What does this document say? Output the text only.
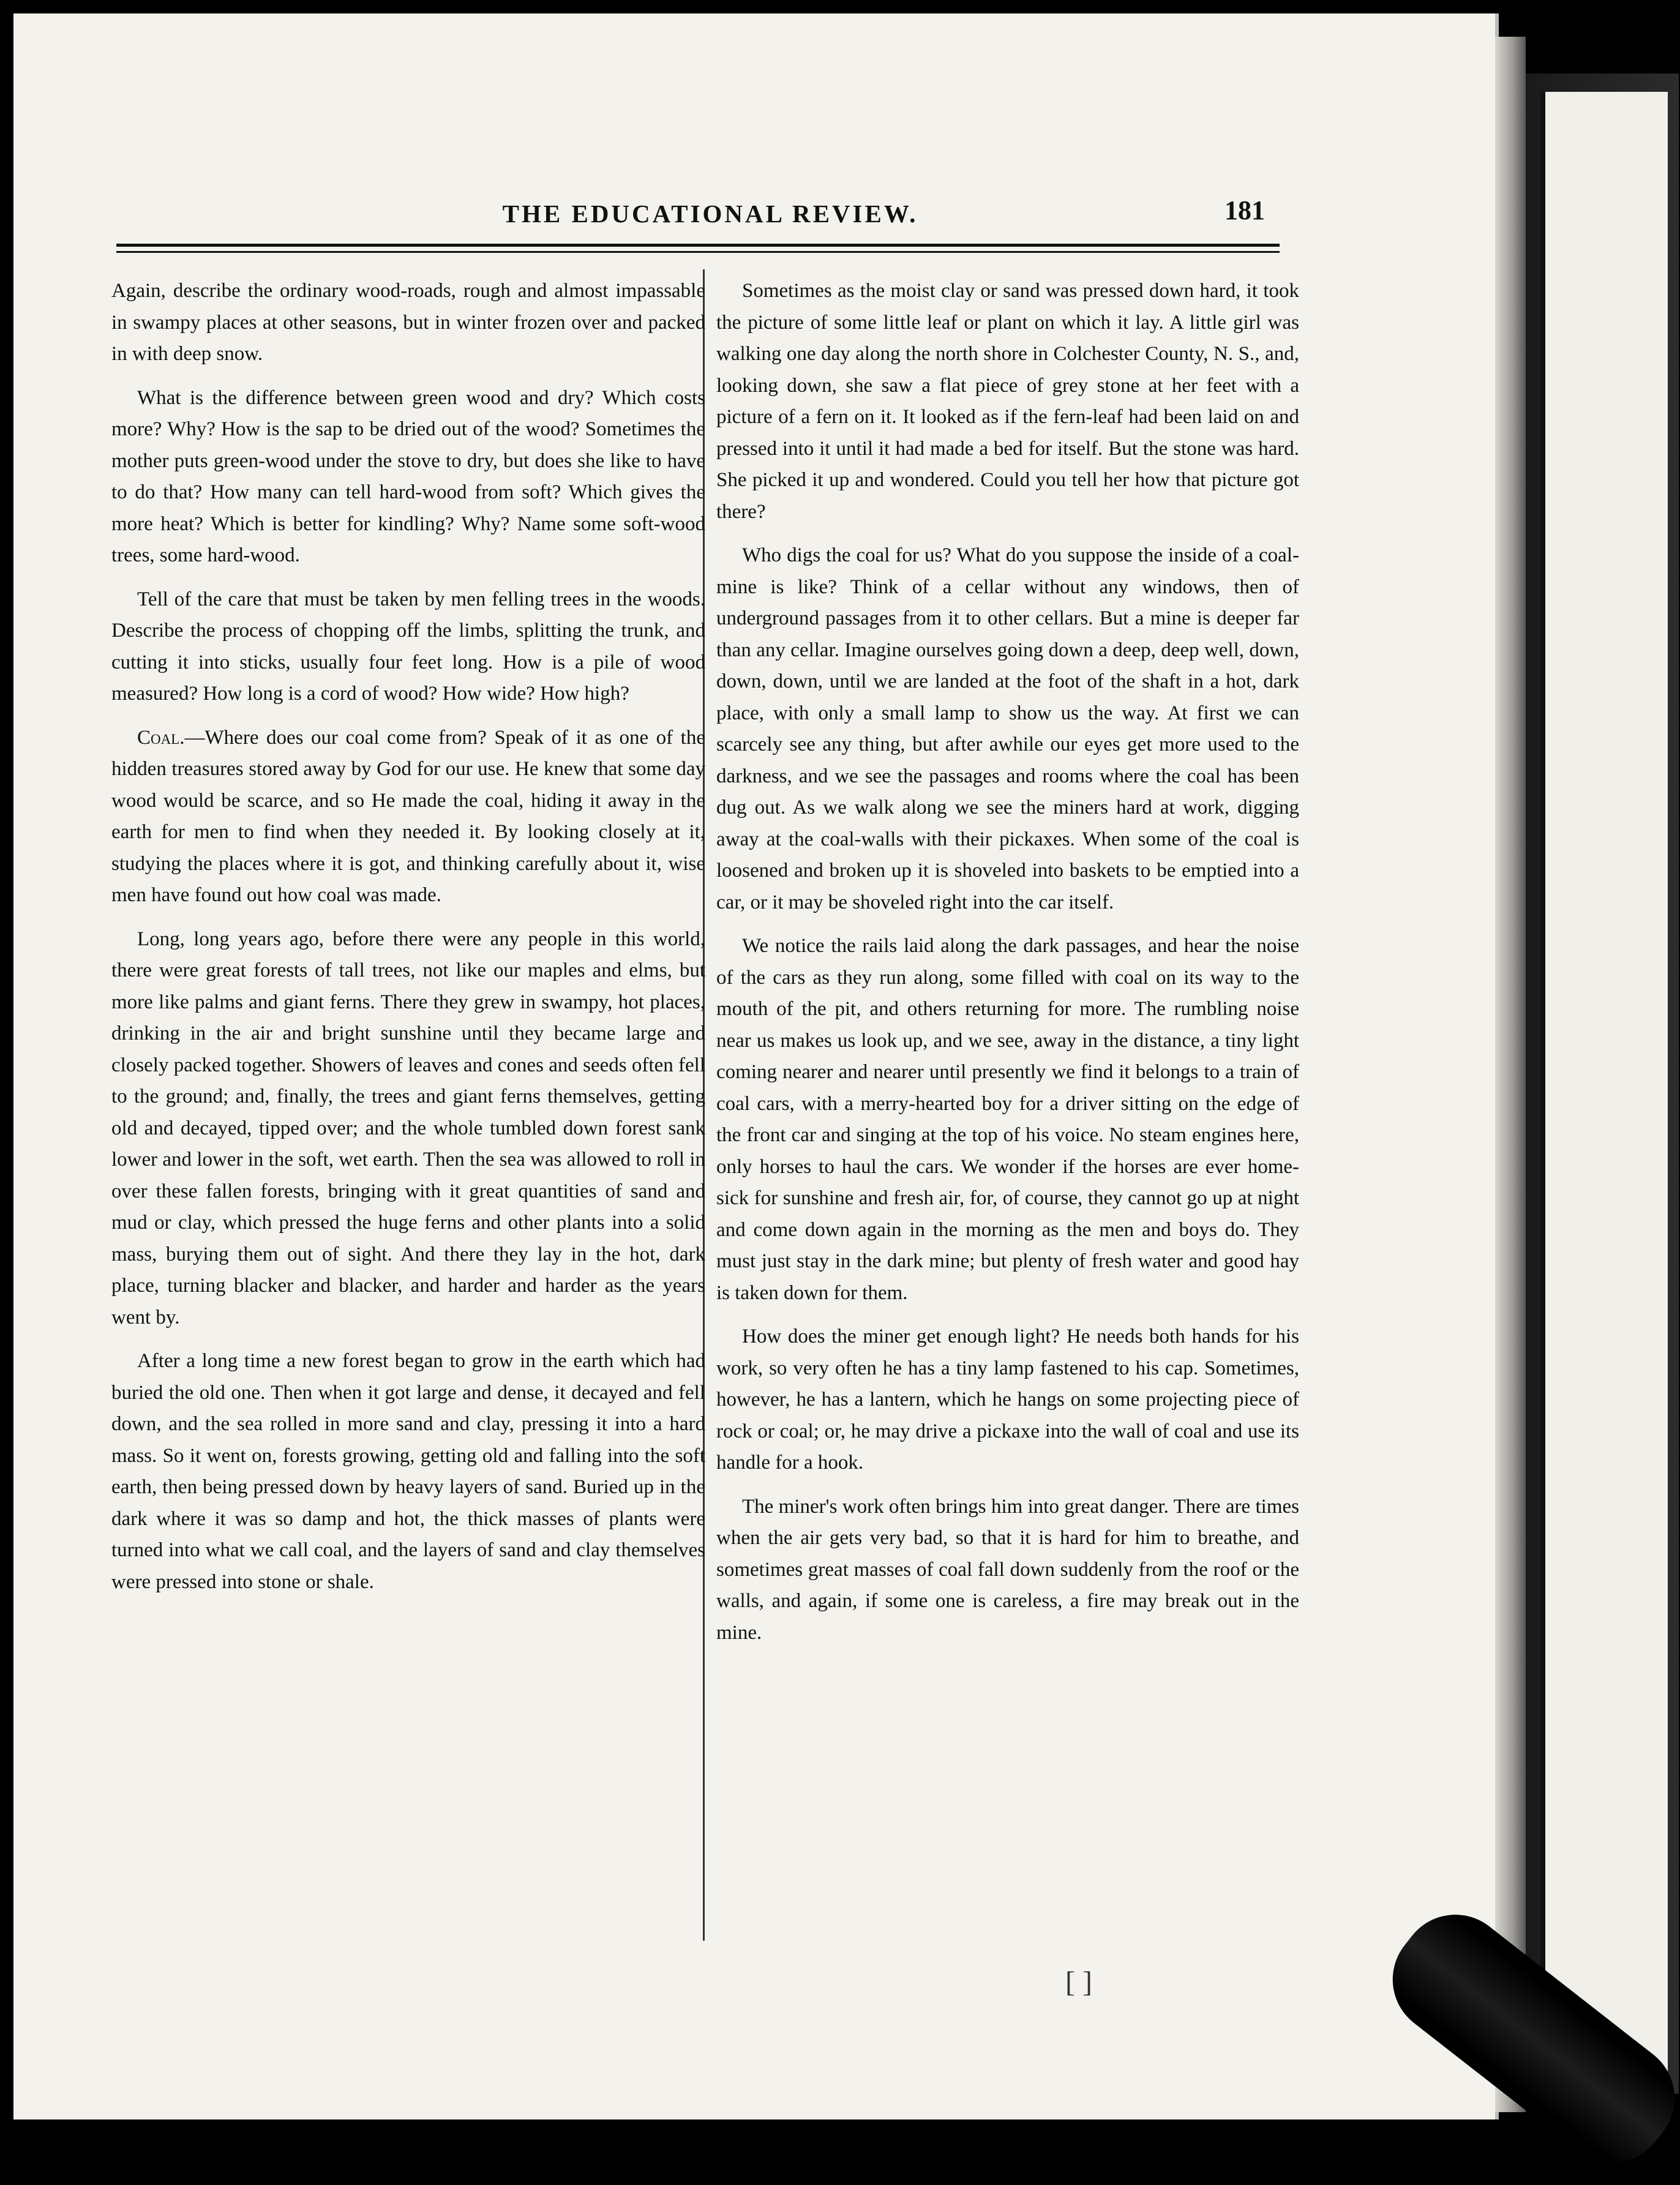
THE EDUCATIONAL REVIEW.	181

Again, describe the ordinary wood-roads, rough and almost impassable in swampy places at other seasons, but in winter frozen over and packed in with deep snow.

What is the difference between green wood and dry? Which costs more? Why? How is the sap to be dried out of the wood? Sometimes the mother puts green-wood under the stove to dry, but does she like to have to do that? How many can tell hard-wood from soft? Which gives the more heat? Which is better for kindling? Why? Name some soft-wood trees, some hard-wood.

Tell of the care that must be taken by men felling trees in the woods. Describe the process of chopping off the limbs, splitting the trunk, and cutting it into sticks, usually four feet long. How is a pile of wood measured? How long is a cord of wood? How wide? How high?

Coal.—Where does our coal come from? Speak of it as one of the hidden treasures stored away by God for our use. He knew that some day wood would be scarce, and so He made the coal, hiding it away in the earth for men to find when they needed it. By looking closely at it, studying the places where it is got, and thinking carefully about it, wise men have found out how coal was made.

Long, long years ago, before there were any people in this world, there were great forests of tall trees, not like our maples and elms, but more like palms and giant ferns. There they grew in swampy, hot places, drinking in the air and bright sunshine until they became large and closely packed together. Showers of leaves and cones and seeds often fell to the ground; and, finally, the trees and giant ferns themselves, getting old and decayed, tipped over; and the whole tumbled down forest sank lower and lower in the soft, wet earth. Then the sea was allowed to roll in over these fallen forests, bringing with it great quantities of sand and mud or clay, which pressed the huge ferns and other plants into a solid mass, burying them out of sight. And there they lay in the hot, dark place, turning blacker and blacker, and harder and harder as the years went by.

After a long time a new forest began to grow in the earth which had buried the old one. Then when it got large and dense, it decayed and fell down, and the sea rolled in more sand and clay, pressing it into a hard mass. So it went on, forests growing, getting old and falling into the soft earth, then being pressed down by heavy layers of sand. Buried up in the dark where it was so damp and hot, the thick masses of plants were turned into what we call coal, and the layers of sand and clay themselves were pressed into stone or shale.

Sometimes as the moist clay or sand was pressed down hard, it took the picture of some little leaf or plant on which it lay. A little girl was walking one day along the north shore in Colchester County, N. S., and, looking down, she saw a flat piece of grey stone at her feet with a picture of a fern on it. It looked as if the fern-leaf had been laid on and pressed into it until it had made a bed for itself. But the stone was hard. She picked it up and wondered. Could you tell her how that picture got there?

Who digs the coal for us? What do you suppose the inside of a coal-mine is like? Think of a cellar without any windows, then of underground passages from it to other cellars. But a mine is deeper far than any cellar. Imagine ourselves going down a deep, deep well, down, down, down, until we are landed at the foot of the shaft in a hot, dark place, with only a small lamp to show us the way. At first we can scarcely see any thing, but after awhile our eyes get more used to the darkness, and we see the passages and rooms where the coal has been dug out. As we walk along we see the miners hard at work, digging away at the coal-walls with their pickaxes. When some of the coal is loosened and broken up it is shoveled into baskets to be emptied into a car, or it may be shoveled right into the car itself.

We notice the rails laid along the dark passages, and hear the noise of the cars as they run along, some filled with coal on its way to the mouth of the pit, and others returning for more. The rumbling noise near us makes us look up, and we see, away in the distance, a tiny light coming nearer and nearer until presently we find it belongs to a train of coal cars, with a merry-hearted boy for a driver sitting on the edge of the front car and singing at the top of his voice. No steam engines here, only horses to haul the cars. We wonder if the horses are ever home-sick for sunshine and fresh air, for, of course, they cannot go up at night and come down again in the morning as the men and boys do. They must just stay in the dark mine; but plenty of fresh water and good hay is taken down for them.

How does the miner get enough light? He needs both hands for his work, so very often he has a tiny lamp fastened to his cap. Sometimes, however, he has a lantern, which he hangs on some projecting piece of rock or coal; or, he may drive a pickaxe into the wall of coal and use its handle for a hook.

The miner's work often brings him into great danger. There are times when the air gets very bad, so that it is hard for him to breathe, and sometimes great masses of coal fall down suddenly from the roof or the walls, and again, if some one is careless, a fire may break out in the mine.

[ ]
